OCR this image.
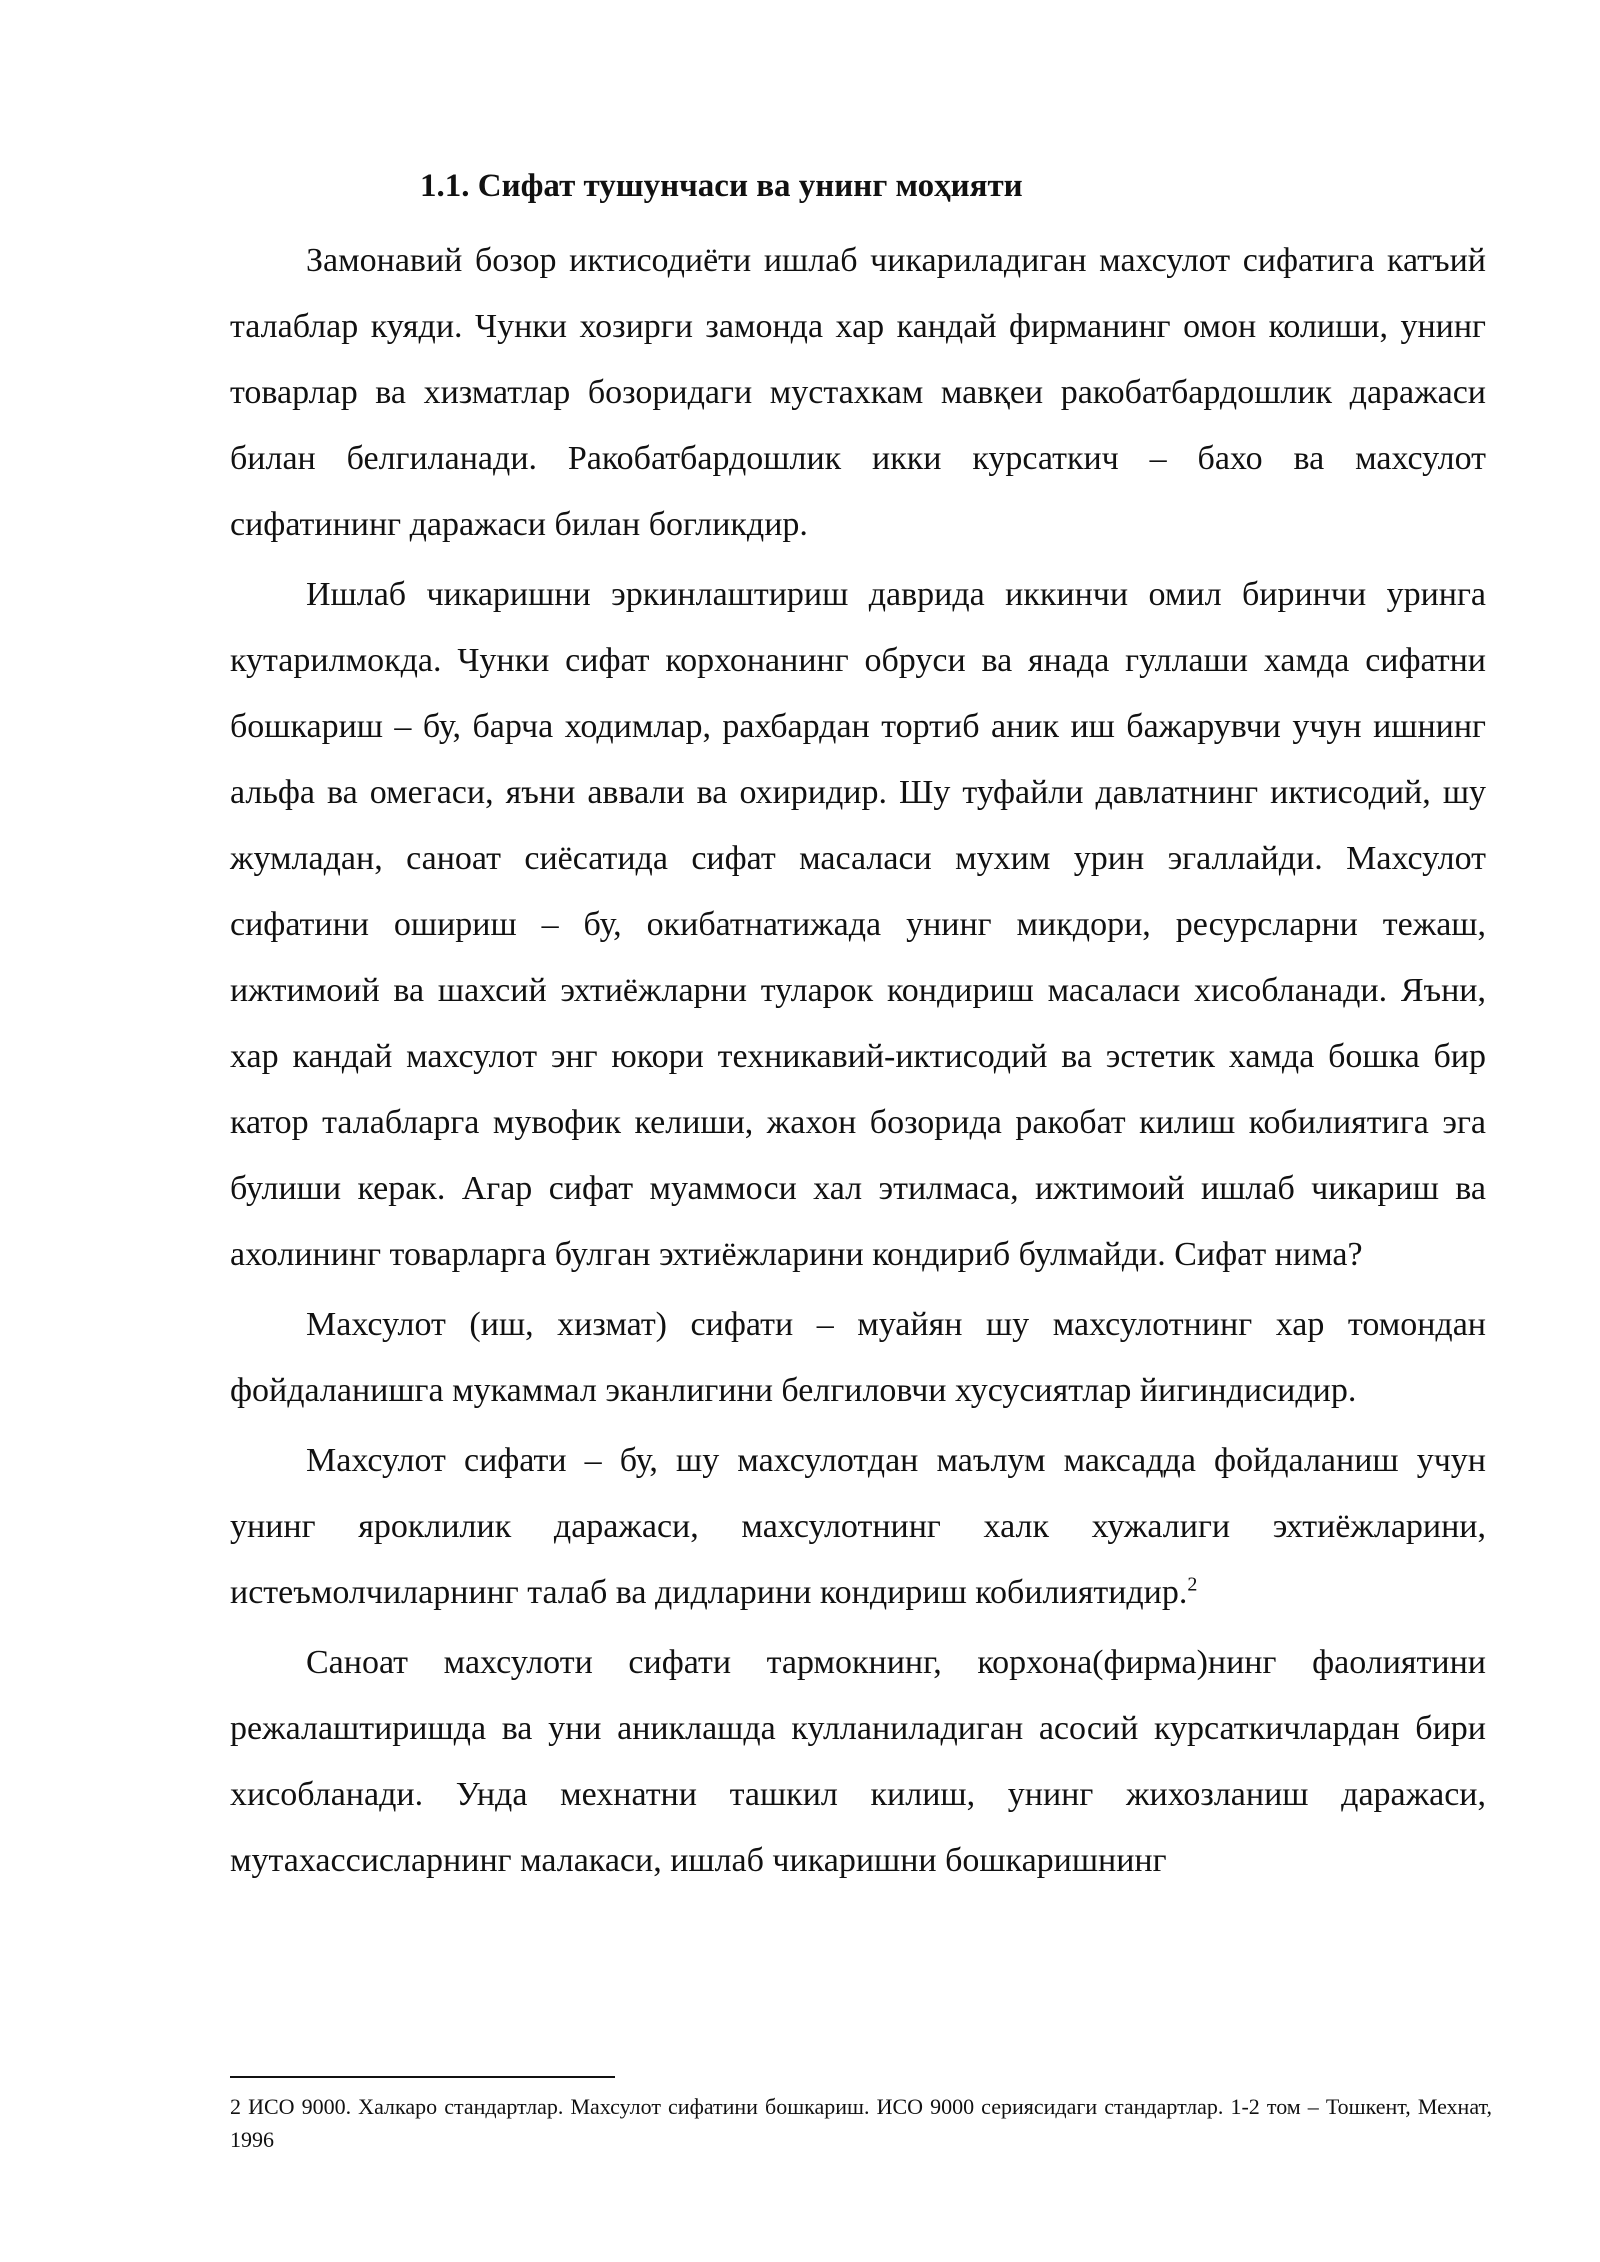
1.1. Сифат тушунчаси ва унинг моҳияти

Замонавий бозор иктисодиёти ишлаб чикариладиган махсулот сифатига катъий талаблар куяди. Чунки хозирги замонда хар кандай фирманинг омон колиши, унинг товарлар ва хизматлар бозоридаги мустахкам мавқеи ракобатбардошлик даражаси билан белгиланади. Ракобатбардошлик икки курсаткич – бахо ва махсулот сифатининг даражаси билан богликдир.

Ишлаб чикаришни эркинлаштириш даврида иккинчи омил биринчи уринга кутарилмокда. Чунки сифат корхонанинг обруси ва янада гуллаши хамда сифатни бошкариш – бу, барча ходимлар, рахбардан тортиб аник иш бажарувчи учун ишнинг альфа ва омегаси, яъни аввали ва охиридир. Шу туфайли давлатнинг иктисодий, шу жумладан, саноат сиёсатида сифат масаласи мухим урин эгаллайди. Махсулот сифатини ошириш – бу, окибатнатижада унинг микдори, ресурсларни тежаш, ижтимоий ва шахсий эхтиёжларни туларок кондириш масаласи хисобланади. Яъни, хар кандай махсулот энг юкори техникавий-иктисодий ва эстетик хамда бошка бир катор талабларга мувофик келиши, жахон бозорида ракобат килиш кобилиятига эга булиши керак. Агар сифат муаммоси хал этилмаса, ижтимоий ишлаб чикариш ва ахолининг товарларга булган эхтиёжларини кондириб булмайди. Сифат нима?

Махсулот (иш, хизмат) сифати – муайян шу махсулотнинг хар томондан фойдаланишга мукаммал эканлигини белгиловчи хусусиятлар йигиндисидир.

Махсулот сифати – бу, шу махсулотдан маълум максадда фойдаланиш учун унинг яроклилик даражаси, махсулотнинг халк хужалиги эхтиёжларини, истеъмолчиларнинг талаб ва дидларини кондириш кобилиятидир.$^2$

Саноат махсулоти сифати тармокнинг, корхона(фирма)нинг фаолиятини режалаштиришда ва уни аниклашда кулланиладиган асосий курсаткичлардан бири хисобланади. Унда мехнатни ташкил килиш, унинг жихозланиш даражаси, мутахассисларнинг малакаси, ишлаб чикаришни бошкаришнинг

2 ИСО 9000. Халкаро стандартлар. Махсулот сифатини бошкариш. ИСО 9000 сериясидаги стандартлар. 1-2 том – Тошкент, Мехнат, 1996
